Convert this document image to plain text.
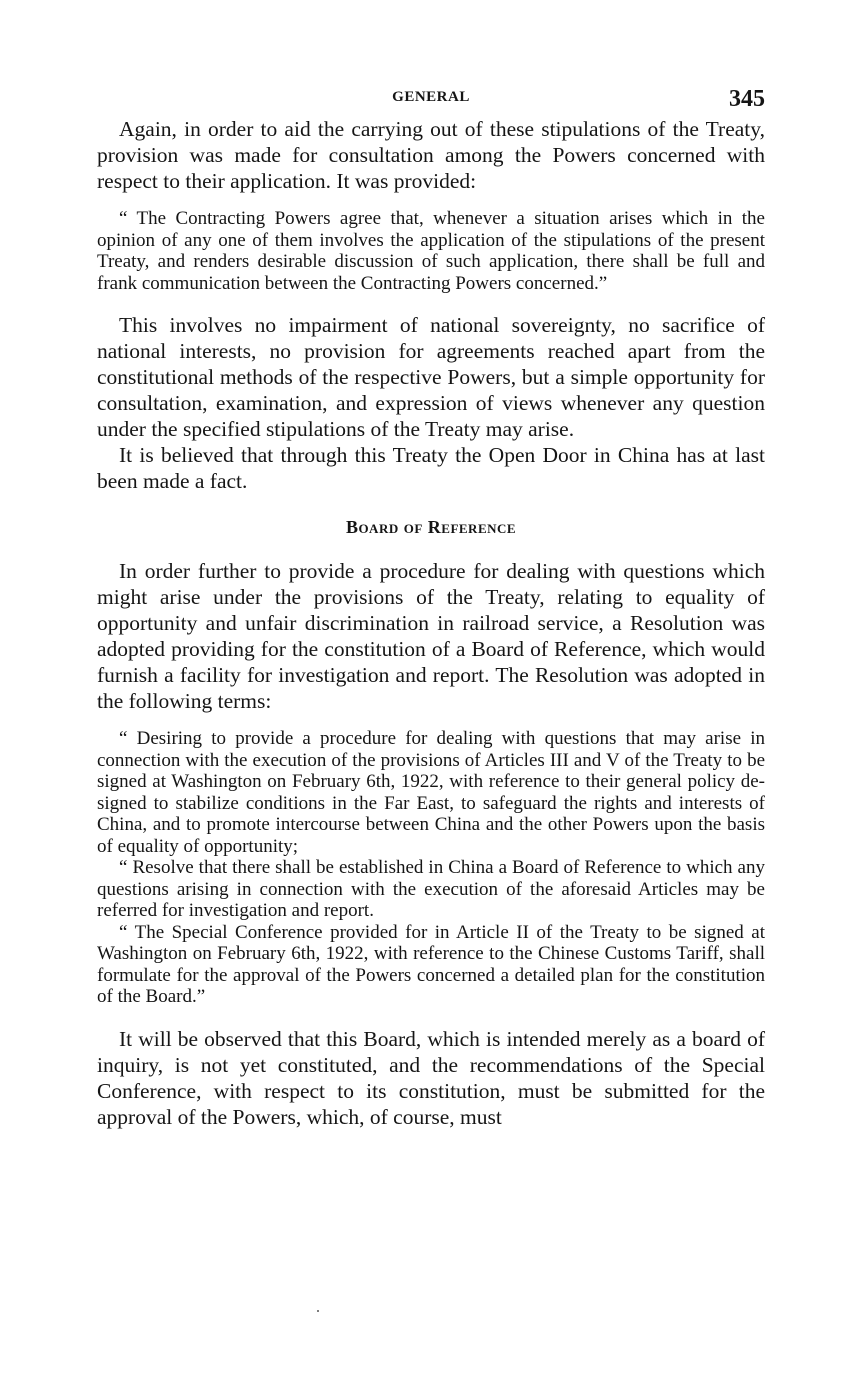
GENERAL	345

Again, in order to aid the carrying out of these stipulations of the Treaty, provision was made for consultation among the Powers concerned with respect to their application. It was provided:

“ The Contracting Powers agree that, whenever a situation arises which in the opinion of any one of them involves the application of the stipulations of the present Treaty, and renders desirable discussion of such application, there shall be full and frank communication between the Contracting Powers concerned.”

This involves no impairment of national sovereignty, no sacrifice of national interests, no provision for agreements reached apart from the constitutional methods of the respective Powers, but a simple opportunity for consultation, examination, and expression of views whenever any question under the specified stipulations of the Treaty may arise.

It is believed that through this Treaty the Open Door in China has at last been made a fact.

Board of Reference

In order further to provide a procedure for dealing with questions which might arise under the provisions of the Treaty, relating to equality of opportunity and unfair discrimination in railroad service, a Resolution was adopted providing for the constitution of a Board of Reference, which would furnish a facility for investigation and report. The Resolution was adopted in the following terms:

“ Desiring to provide a procedure for dealing with questions that may arise in connection with the execution of the provisions of Articles III and V of the Treaty to be signed at Washington on February 6th, 1922, with reference to their general policy designed to stabilize conditions in the Far East, to safeguard the rights and interests of China, and to promote intercourse between China and the other Powers upon the basis of equality of opportunity;

“ Resolve that there shall be established in China a Board of Reference to which any questions arising in connection with the execution of the aforesaid Articles may be referred for investigation and report.

“ The Special Conference provided for in Article II of the Treaty to be signed at Washington on February 6th, 1922, with reference to the Chinese Customs Tariff, shall formulate for the approval of the Powers concerned a detailed plan for the constitution of the Board.”

It will be observed that this Board, which is intended merely as a board of inquiry, is not yet constituted, and the recommendations of the Special Conference, with respect to its constitution, must be submitted for the approval of the Powers, which, of course, must
